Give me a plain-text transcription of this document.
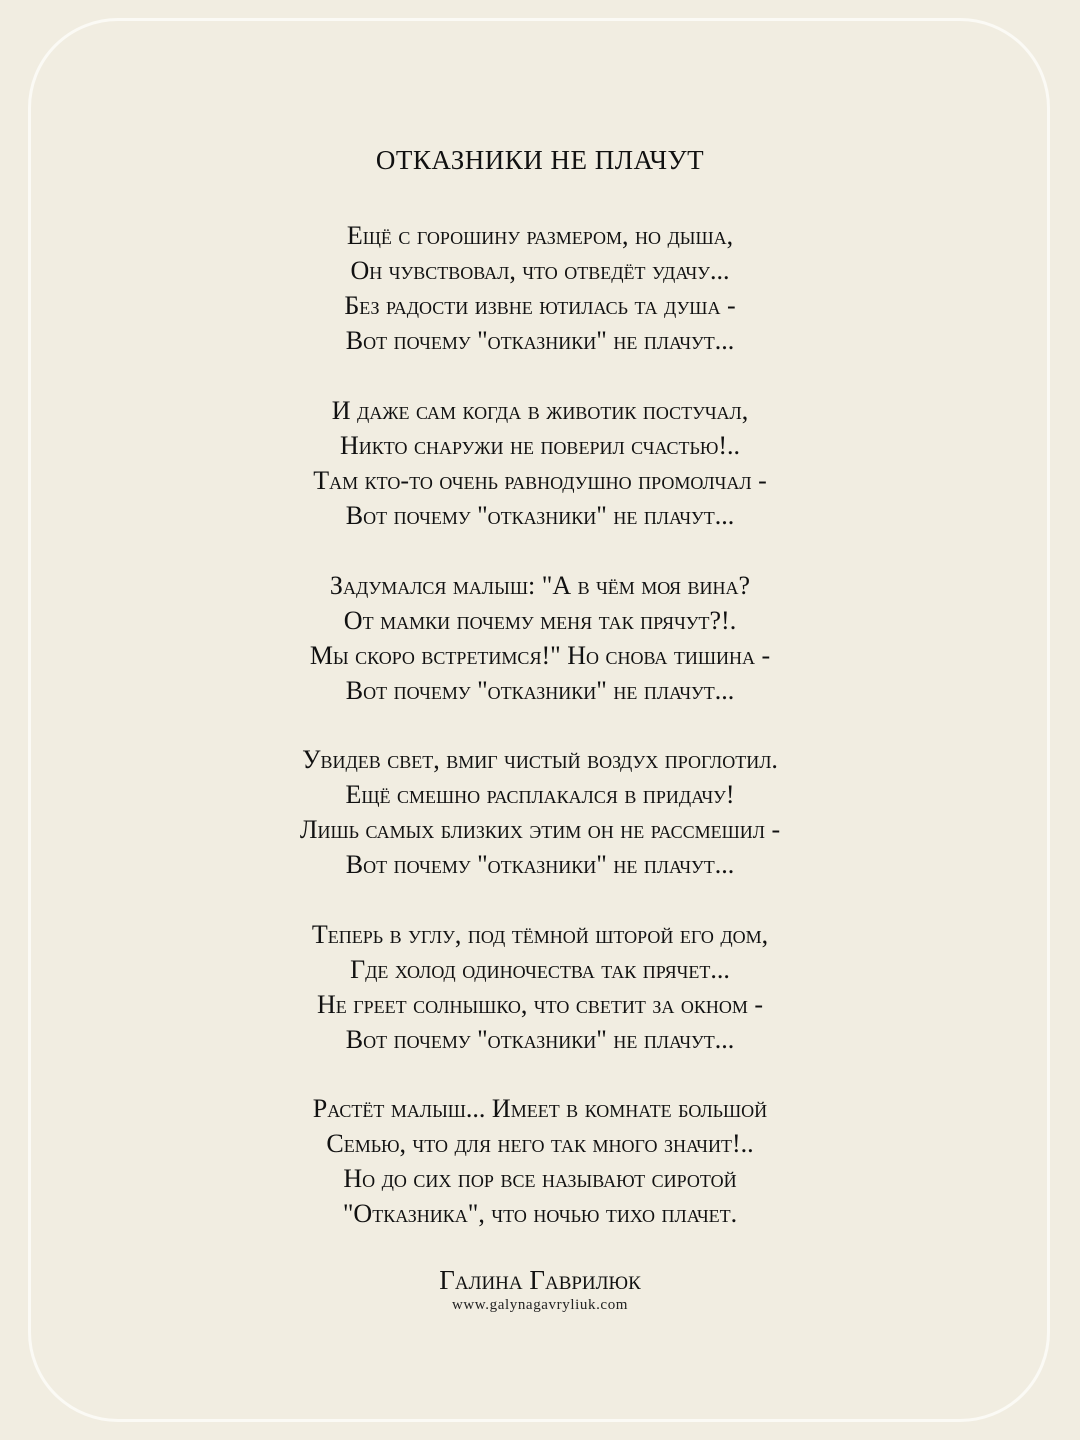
ОТКАЗНИКИ НЕ ПЛАЧУТ
Ещё с горошину размером, но дыша,
Он чувствовал, что отведёт удачу...
Без радости извне ютилась та душа -
Вот почему "отказники" не плачут...
И даже сам когда в животик постучал,
Никто снаружи не поверил счастью!..
Там кто-то очень равнодушно промолчал -
Вот почему "отказники" не плачут...
Задумался малыш: "А в чём моя вина?
От мамки почему меня так прячут?!.
Мы скоро встретимся!" Но снова тишина -
Вот почему "отказники" не плачут...
Увидев свет, вмиг чистый воздух проглотил.
Ещё смешно расплакался в придачу!
Лишь самых близких этим он не рассмешил -
Вот почему "отказники" не плачут...
Теперь в углу, под тёмной шторой его дом,
Где холод одиночества так прячет...
Не греет солнышко, что светит за окном -
Вот почему "отказники" не плачут...
Растёт малыш... Имеет в комнате большой
Семью, что для него так много значит!..
Но до сих пор все называют сиротой
"Отказника", что ночью тихо плачет.
Галина Гаврилюк
www.galynagavryliuk.com
